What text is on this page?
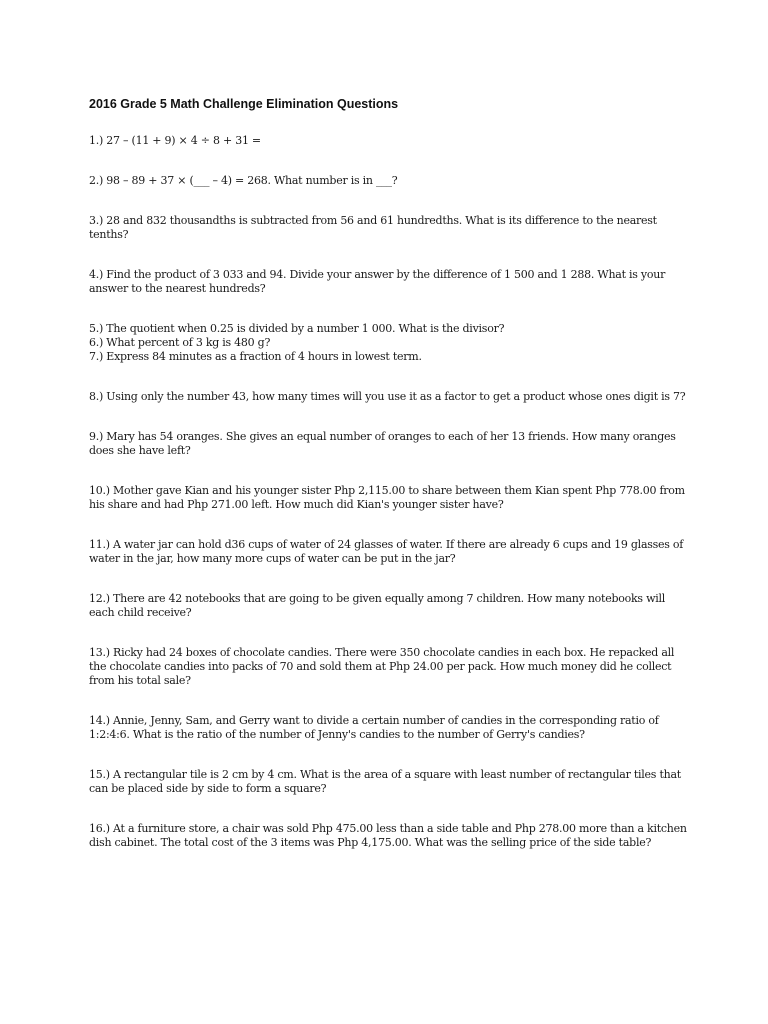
2016 Grade 5 Math Challenge Elimination Questions
1.) 27 – (11 + 9) × 4 ÷ 8 + 31 =
2.) 98 – 89 + 37 × (___ – 4) = 268. What number is in ___?
3.) 28 and 832 thousandths is subtracted from 56 and 61 hundredths. What is its difference to the nearest tenths?
4.) Find the product of 3 033 and 94. Divide your answer by the difference of 1 500 and 1 288. What is your answer to the nearest hundreds?
5.) The quotient when 0.25 is divided by a number 1 000. What is the divisor?
6.) What percent of 3 kg is 480 g?
7.) Express 84 minutes as a fraction of 4 hours in lowest term.
8.) Using only the number 43, how many times will you use it as a factor to get a product whose ones digit is 7?
9.) Mary has 54 oranges. She gives an equal number of oranges to each of her 13 friends. How many oranges does she have left?
10.) Mother gave Kian and his younger sister Php 2,115.00 to share between them Kian spent Php 778.00 from his share and had Php 271.00 left. How much did Kian's younger sister have?
11.) A water jar can hold d36 cups of water of 24 glasses of water. If there are already 6 cups and 19 glasses of water in the jar, how many more cups of water can be put in the jar?
12.) There are 42 notebooks that are going to be given equally among 7 children. How many notebooks will each child receive?
13.) Ricky had 24 boxes of chocolate candies. There were 350 chocolate candies in each box. He repacked all the chocolate candies into packs of 70 and sold them at Php 24.00 per pack. How much money did he collect from his total sale?
14.) Annie, Jenny, Sam, and Gerry want to divide a certain number of candies in the corresponding ratio of 1:2:4:6. What is the ratio of the number of Jenny's candies to the number of Gerry's candies?
15.) A rectangular tile is 2 cm by 4 cm. What is the area of a square with least number of rectangular tiles that can be placed side by side to form a square?
16.) At a furniture store, a chair was sold Php 475.00 less than a side table and Php 278.00 more than a kitchen dish cabinet. The total cost of the 3 items was Php 4,175.00. What was the selling price of the side table?
